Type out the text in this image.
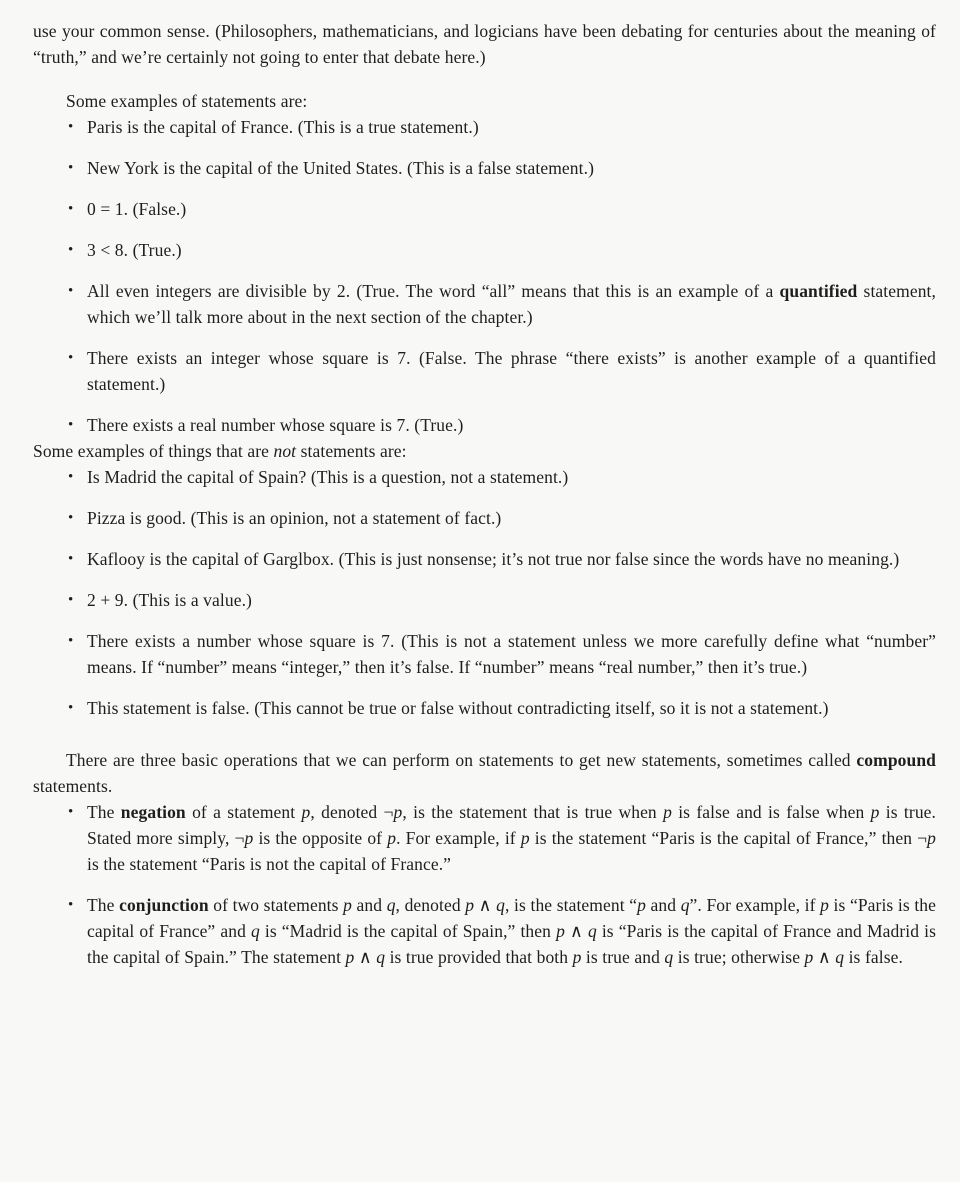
use your common sense. (Philosophers, mathematicians, and logicians have been debating for centuries about the meaning of “truth,” and we’re certainly not going to enter that debate here.)

Some examples of statements are:

• Paris is the capital of France. (This is a true statement.)
• New York is the capital of the United States. (This is a false statement.)
• 0 = 1. (False.)
• 3 < 8. (True.)
• All even integers are divisible by 2. (True. The word “all” means that this is an example of a quantified statement, which we’ll talk more about in the next section of the chapter.)
• There exists an integer whose square is 7. (False. The phrase “there exists” is another example of a quantified statement.)
• There exists a real number whose square is 7. (True.)

Some examples of things that are not statements are:

• Is Madrid the capital of Spain? (This is a question, not a statement.)
• Pizza is good. (This is an opinion, not a statement of fact.)
• Kaflooy is the capital of Garglbox. (This is just nonsense; it’s not true nor false since the words have no meaning.)
• 2 + 9. (This is a value.)
• There exists a number whose square is 7. (This is not a statement unless we more carefully define what “number” means. If “number” means “integer,” then it’s false. If “number” means “real number,” then it’s true.)
• This statement is false. (This cannot be true or false without contradicting itself, so it is not a statement.)

There are three basic operations that we can perform on statements to get new statements, sometimes called compound statements.

• The negation of a statement p, denoted ¬p, is the statement that is true when p is false and is false when p is true. Stated more simply, ¬p is the opposite of p. For example, if p is the statement “Paris is the capital of France,” then ¬p is the statement “Paris is not the capital of France.”
• The conjunction of two statements p and q, denoted p ∧ q, is the statement “p and q”. For example, if p is “Paris is the capital of France” and q is “Madrid is the capital of Spain,” then p ∧ q is “Paris is the capital of France and Madrid is the capital of Spain.” The statement p ∧ q is true provided that both p is true and q is true; otherwise p ∧ q is false.
